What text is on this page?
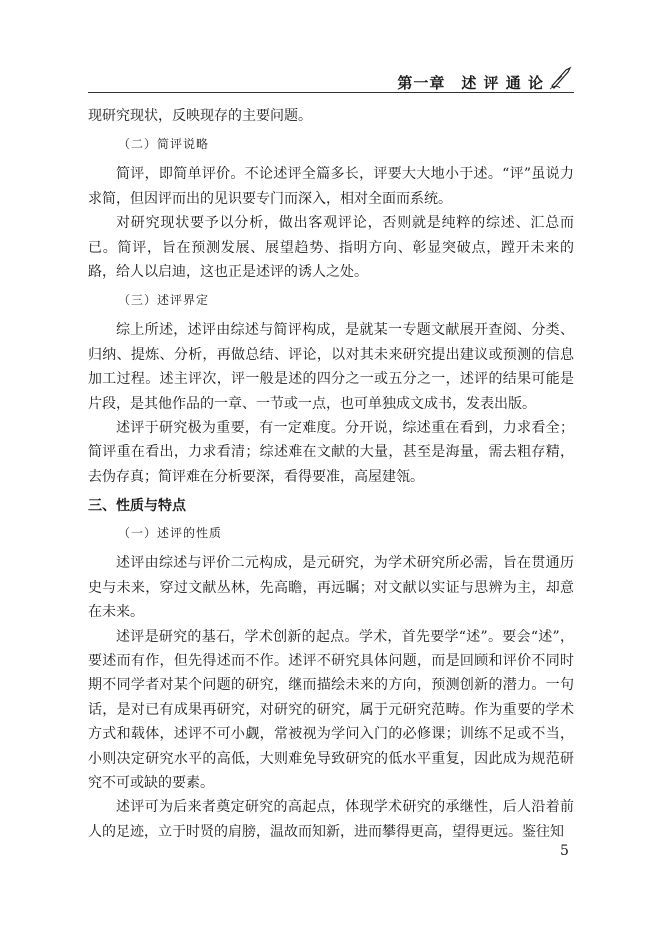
第一章　述 评 通 论

现研究现状，反映现存的主要问题。

（二）简评说略

简评，即简单评价。不论述评全篇多长，评要大大地小于述。“评”虽说力求简，但因评而出的见识要专门而深入，相对全面而系统。

对研究现状要予以分析，做出客观评论，否则就是纯粹的综述、汇总而已。简评，旨在预测发展、展望趋势、指明方向、彰显突破点，蹚开未来的路，给人以启迪，这也正是述评的诱人之处。

（三）述评界定

综上所述，述评由综述与简评构成，是就某一专题文献展开查阅、分类、归纳、提炼、分析，再做总结、评论，以对其未来研究提出建议或预测的信息加工过程。述主评次，评一般是述的四分之一或五分之一，述评的结果可能是片段，是其他作品的一章、一节或一点，也可单独成文成书，发表出版。

述评于研究极为重要，有一定难度。分开说，综述重在看到，力求看全；简评重在看出，力求看清；综述难在文献的大量，甚至是海量，需去粗存精，去伪存真；简评难在分析要深，看得要准，高屋建瓴。

三、性质与特点
（一）述评的性质

述评由综述与评价二元构成，是元研究，为学术研究所必需，旨在贯通历史与未来，穿过文献丛林，先高瞻，再远瞩；对文献以实证与思辨为主，却意在未来。

述评是研究的基石，学术创新的起点。学术，首先要学“述”。要会“述”，要述而有作，但先得述而不作。述评不研究具体问题，而是回顾和评价不同时期不同学者对某个问题的研究，继而描绘未来的方向，预测创新的潜力。一句话，是对已有成果再研究，对研究的研究，属于元研究范畴。作为重要的学术方式和载体，述评不可小觑，常被视为学问入门的必修课；训练不足或不当，小则决定研究水平的高低，大则难免导致研究的低水平重复，因此成为规范研究不可或缺的要素。

述评可为后来者奠定研究的高起点，体现学术研究的承继性，后人沿着前人的足迹，立于时贤的肩膀，温故而知新，进而攀得更高，望得更远。鉴往知

5
